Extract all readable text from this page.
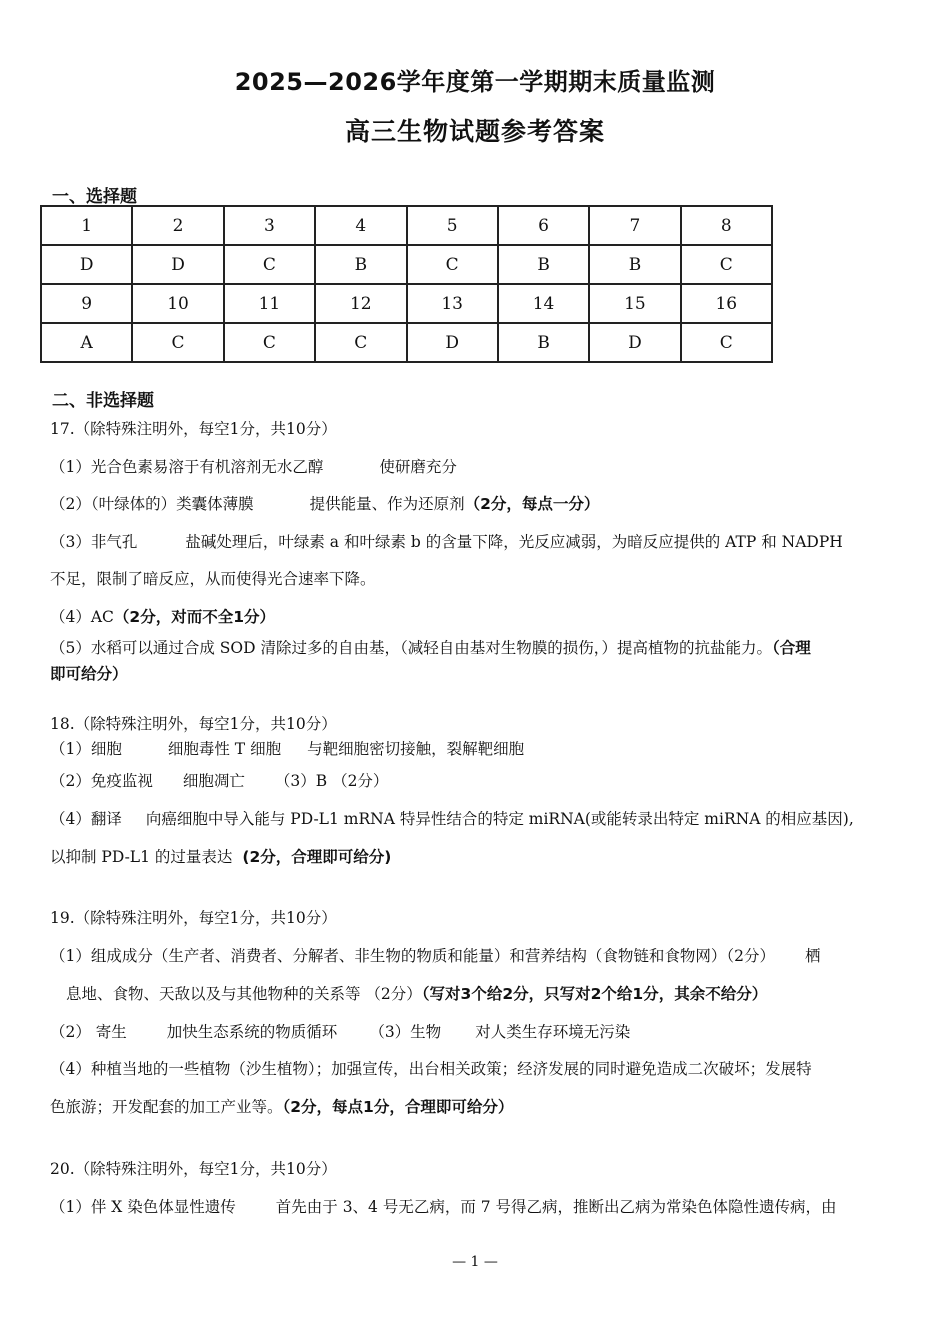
2025—2026学年度第一学期期末质量监测
高三生物试题参考答案
一、选择题
1	2	3	4	5	6	7	8
D	D	C	B	C	B	B	C
9	10	11	12	13	14	15	16
A	C	C	C	D	B	D	C
二、非选择题
17.（除特殊注明外，每空1分，共10分）
（1）光合色素易溶于有机溶剂无水乙醇	使研磨充分
（2）（叶绿体的）类囊体薄膜	提供能量、作为还原剂（2分，每点一分）
（3）非气孔	盐碱处理后，叶绿素 a 和叶绿素 b 的含量下降，光反应减弱，为暗反应提供的 ATP 和 NADPH
不足，限制了暗反应，从而使得光合速率下降。
（4）AC（2分，对而不全1分）
（5）水稻可以通过合成 SOD 清除过多的自由基，（减轻自由基对生物膜的损伤，）提高植物的抗盐能力。（合理
即可给分）
18.（除特殊注明外，每空1分，共10分）
（1）细胞	细胞毒性 T 细胞 与靶细胞密切接触，裂解靶细胞
（2）免疫监视 细胞凋亡 （3）B （2分）
（4）翻译 向癌细胞中导入能与 PD-L1 mRNA 特异性结合的特定 miRNA(或能转录出特定 miRNA 的相应基因),
以抑制 PD-L1 的过量表达 (2分，合理即可给分)
19.（除特殊注明外，每空1分，共10分）
（1）组成成分（生产者、消费者、分解者、非生物的物质和能量）和营养结构（食物链和食物网）（2分） 栖
息地、食物、天敌以及与其他物种的关系等 （2分）（写对3个给2分，只写对2个给1分，其余不给分）
（2） 寄生	加快生态系统的物质循环 （3）生物 对人类生存环境无污染
（4）种植当地的一些植物（沙生植物）；加强宣传，出台相关政策；经济发展的同时避免造成二次破坏；发展特
色旅游；开发配套的加工产业等。（2分，每点1分，合理即可给分）
20.（除特殊注明外，每空1分，共10分）
（1）伴 X 染色体显性遗传	首先由于 3、4 号无乙病，而 7 号得乙病，推断出乙病为常染色体隐性遗传病，由
— 1 —
